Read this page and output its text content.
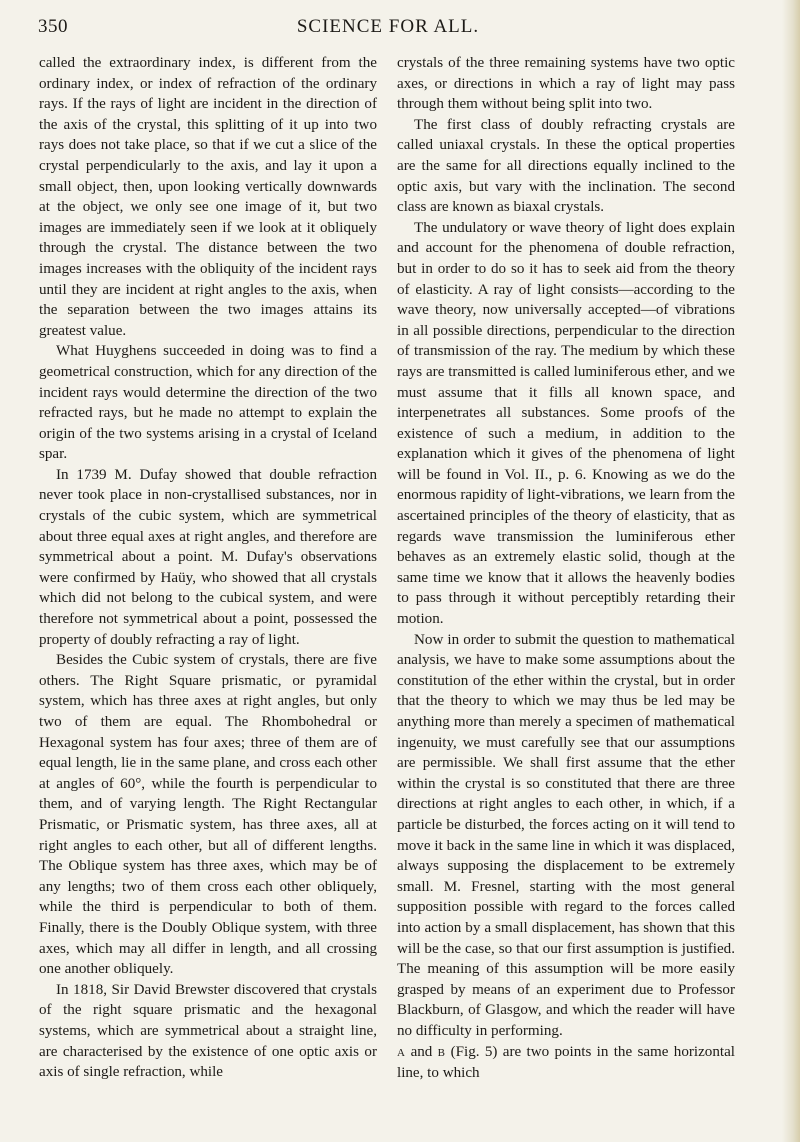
350	SCIENCE FOR ALL.

called the extraordinary index, is different from the ordinary index, or index of refraction of the ordinary rays. If the rays of light are incident in the direction of the axis of the crystal, this splitting of it up into two rays does not take place, so that if we cut a slice of the crystal perpendicularly to the axis, and lay it upon a small object, then, upon looking vertically downwards at the object, we only see one image of it, but two images are immediately seen if we look at it obliquely through the crystal. The distance between the two images increases with the obliquity of the incident rays until they are incident at right angles to the axis, when the separation between the two images attains its greatest value.

What Huyghens succeeded in doing was to find a geometrical construction, which for any direction of the incident rays would determine the direction of the two refracted rays, but he made no attempt to explain the origin of the two systems arising in a crystal of Iceland spar.

In 1739 M. Dufay showed that double refraction never took place in non-crystallised substances, nor in crystals of the cubic system, which are symmetrical about three equal axes at right angles, and therefore are symmetrical about a point. M. Dufay's observations were confirmed by Haüy, who showed that all crystals which did not belong to the cubical system, and were therefore not symmetrical about a point, possessed the property of doubly refracting a ray of light.

Besides the Cubic system of crystals, there are five others. The Right Square prismatic, or pyramidal system, which has three axes at right angles, but only two of them are equal. The Rhombohedral or Hexagonal system has four axes; three of them are of equal length, lie in the same plane, and cross each other at angles of 60°, while the fourth is perpendicular to them, and of varying length. The Right Rectangular Prismatic, or Prismatic system, has three axes, all at right angles to each other, but all of different lengths. The Oblique system has three axes, which may be of any lengths; two of them cross each other obliquely, while the third is perpendicular to both of them. Finally, there is the Doubly Oblique system, with three axes, which may all differ in length, and all crossing one another obliquely.

In 1818, Sir David Brewster discovered that crystals of the right square prismatic and the hexagonal systems, which are symmetrical about a straight line, are characterised by the existence of one optic axis or axis of single refraction, while

crystals of the three remaining systems have two optic axes, or directions in which a ray of light may pass through them without being split into two.

The first class of doubly refracting crystals are called uniaxal crystals. In these the optical properties are the same for all directions equally inclined to the optic axis, but vary with the inclination. The second class are known as biaxal crystals.

The undulatory or wave theory of light does explain and account for the phenomena of double refraction, but in order to do so it has to seek aid from the theory of elasticity. A ray of light consists—according to the wave theory, now universally accepted—of vibrations in all possible directions, perpendicular to the direction of transmission of the ray. The medium by which these rays are transmitted is called luminiferous ether, and we must assume that it fills all known space, and interpenetrates all substances. Some proofs of the existence of such a medium, in addition to the explanation which it gives of the phenomena of light will be found in Vol. II., p. 6. Knowing as we do the enormous rapidity of light-vibrations, we learn from the ascertained principles of the theory of elasticity, that as regards wave transmission the luminiferous ether behaves as an extremely elastic solid, though at the same time we know that it allows the heavenly bodies to pass through it without perceptibly retarding their motion.

Now in order to submit the question to mathematical analysis, we have to make some assumptions about the constitution of the ether within the crystal, but in order that the theory to which we may thus be led may be anything more than merely a specimen of mathematical ingenuity, we must carefully see that our assumptions are permissible. We shall first assume that the ether within the crystal is so constituted that there are three directions at right angles to each other, in which, if a particle be disturbed, the forces acting on it will tend to move it back in the same line in which it was displaced, always supposing the displacement to be extremely small. M. Fresnel, starting with the most general supposition possible with regard to the forces called into action by a small displacement, has shown that this will be the case, so that our first assumption is justified. The meaning of this assumption will be more easily grasped by means of an experiment due to Professor Blackburn, of Glasgow, and which the reader will have no difficulty in performing.

A and B (Fig. 5) are two points in the same horizontal line, to which
